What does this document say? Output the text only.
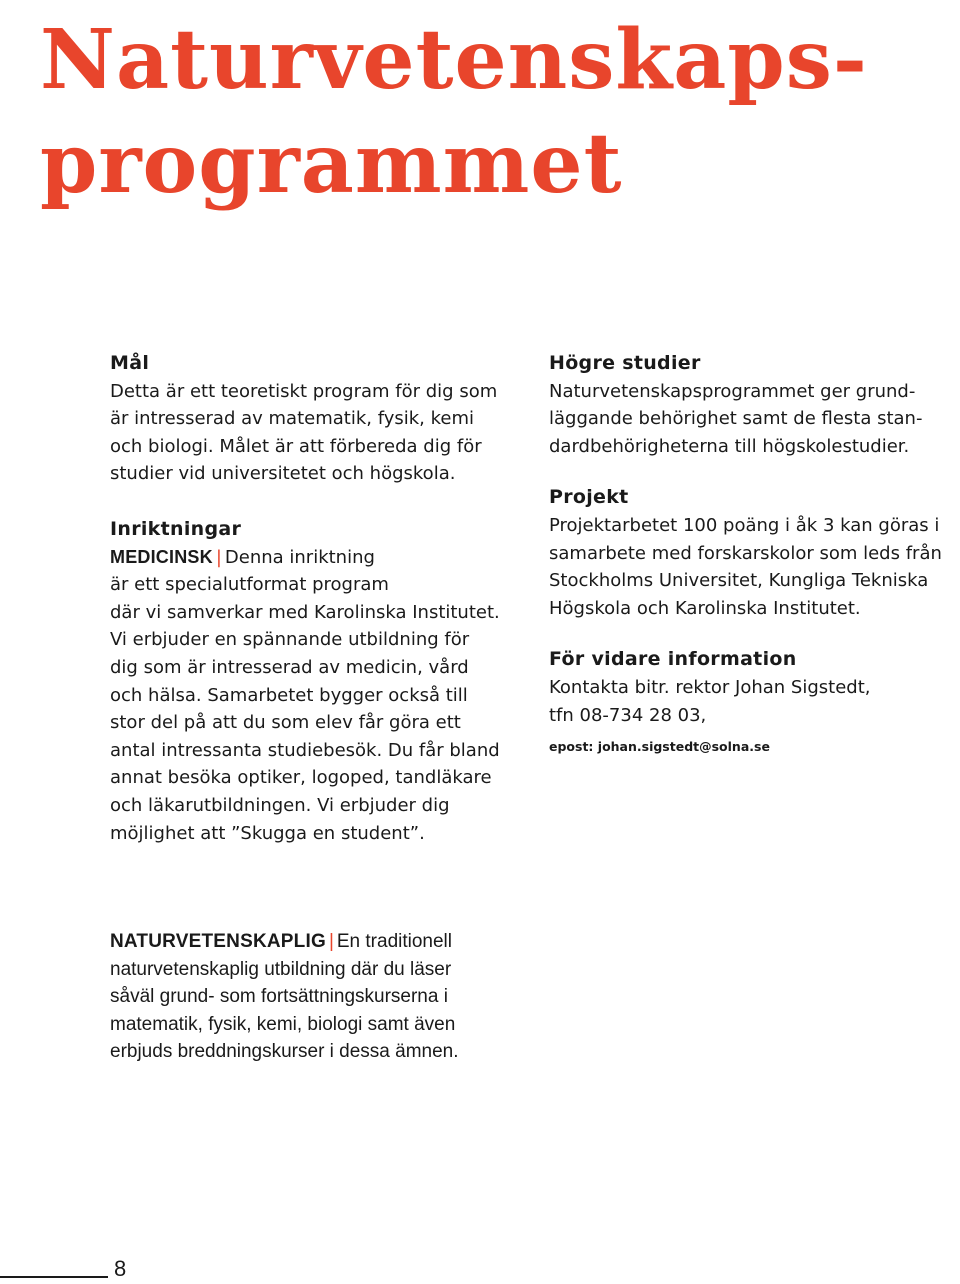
Naturvetenskaps-
programmet
Mål
Detta är ett teoretiskt program för dig som
är intresserad av matematik, fysik, kemi
och biologi. Målet är att förbereda dig för
studier vid universitetet och högskola.
Inriktningar
MEDICINSK | Denna inriktning
är ett specialutformat program
där vi samverkar med Karolinska Institutet.
Vi erbjuder en spännande utbildning för
dig som är intresserad av medicin, vård
och hälsa. Samarbetet bygger också till
stor del på att du som elev får göra ett
antal intressanta studiebesök. Du får bland
annat besöka optiker, logoped, tandläkare
och läkarutbildningen. Vi erbjuder dig
möjlighet att ”Skugga en student”.
Högre studier
Naturvetenskapsprogrammet ger grund-
läggande behörighet samt de flesta stan-
dardbehörigheterna till högskolestudier.
Projekt
Projektarbetet 100 poäng i åk 3 kan göras i
samarbete med forskarskolor som leds från
Stockholms Universitet, Kungliga Tekniska
Högskola och Karolinska Institutet.
För vidare information
Kontakta bitr. rektor Johan Sigstedt,
tfn 08-734 28 03,
epost: johan.sigstedt@solna.se
NATURVETENSKAPLIG | En traditionell
naturvetenskaplig utbildning där du läser
såväl grund- som fortsättningskurserna i
matematik, fysik, kemi, biologi samt även
erbjuds breddningskurser i dessa ämnen.
8
